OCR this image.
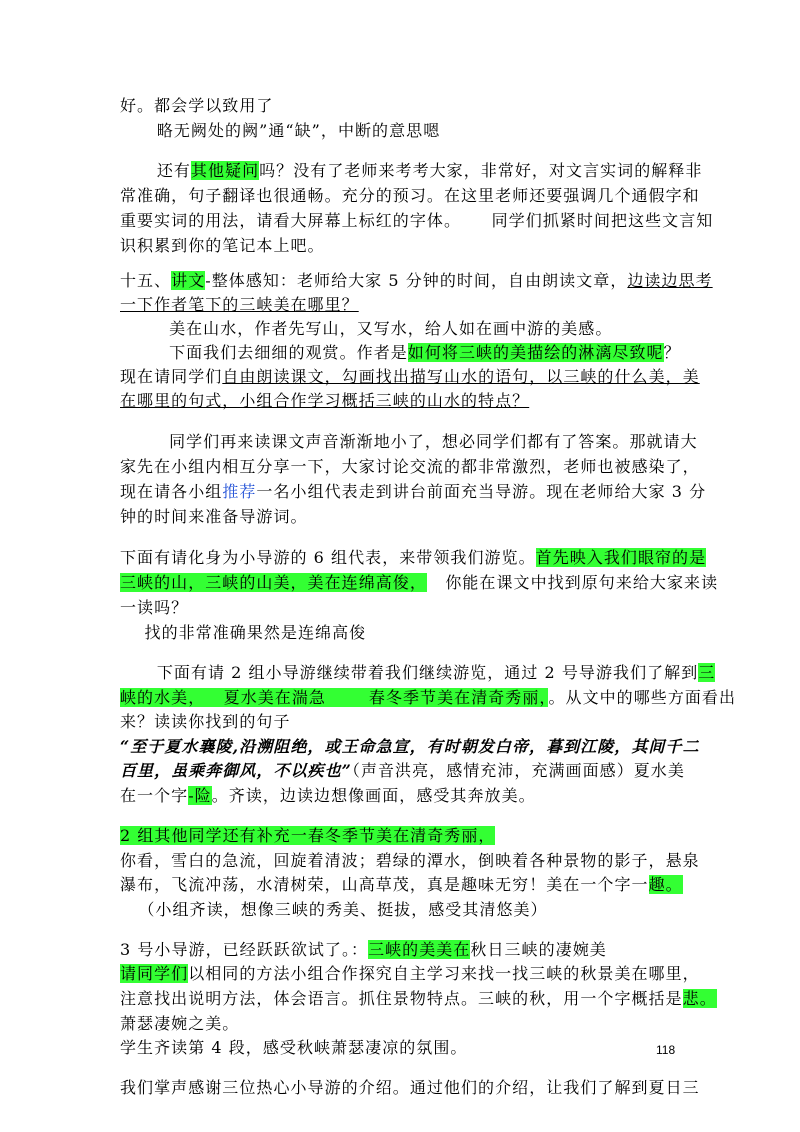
好。都会学以致用了
略无阙处的阙”通“缺”，中断的意思嗯
还有其他疑问吗？没有了老师来考考大家，非常好，对文言实词的解释非
常准确，句子翻译也很通畅。充分的预习。在这里老师还要强调几个通假字和
重要实词的用法，请看大屏幕上标红的字体。     同学们抓紧时间把这些文言知
识积累到你的笔记本上吧。
十五、讲文-整体感知：老师给大家 5 分钟的时间，自由朗读文章，边读边思考
一下作者笔下的三峡美在哪里？
美在山水，作者先写山，又写水，给人如在画中游的美感。
下面我们去细细的观赏。作者是如何将三峡的美描绘的淋漓尽致呢？
现在请同学们自由朗读课文，勾画找出描写山水的语句，以三峡的什么美，美
在哪里的句式，小组合作学习概括三峡的山水的特点？
同学们再来读课文声音渐渐地小了，想必同学们都有了答案。那就请大
家先在小组内相互分享一下，大家讨论交流的都非常激烈，老师也被感染了，
现在请各小组推荐一名小组代表走到讲台前面充当导游。现在老师给大家 3 分
钟的时间来准备导游词。
下面有请化身为小导游的 6 组代表，来带领我们游览。首先映入我们眼帘的是
三峡的山，三峡的山美，美在连绵高俊，   你能在课文中找到原句来给大家来读
一读吗？
找的非常准确果然是连绵高俊
下面有请 2 组小导游继续带着我们继续游览，通过 2 号导游我们了解到三
峡的水美，   夏水美在湍急       春冬季节美在清奇秀丽，。从文中的哪些方面看出
来？读读你找到的句子
“至于夏水襄陵,沿溯阻绝，或王命急宣，有时朝发白帝，暮到江陵，其间千二
百里，虽乘奔御风，不以疾也”（声音洪亮，感情充沛，充满画面感）夏水美
在一个字-险。齐读，边读边想像画面，感受其奔放美。
2 组其他同学还有补充一春冬季节美在清奇秀丽，
你看，雪白的急流，回旋着清波；碧绿的潭水，倒映着各种景物的影子，悬泉
瀑布，飞流冲荡，水清树荣，山高草茂，真是趣味无穷！美在一个字一趣。
（小组齐读，想像三峡的秀美、挺拔，感受其清悠美）
3 号小导游，已经跃跃欲试了。：三峡的美美在秋日三峡的凄婉美
请同学们以相同的方法小组合作探究自主学习来找一找三峡的秋景美在哪里，
注意找出说明方法，体会语言。抓住景物特点。三峡的秋，用一个字概括是悲。
萧瑟凄婉之美。
学生齐读第 4 段，感受秋峡萧瑟凄凉的氛围。
我们掌声感谢三位热心小导游的介绍。通过他们的介绍，让我们了解到夏日三
118
